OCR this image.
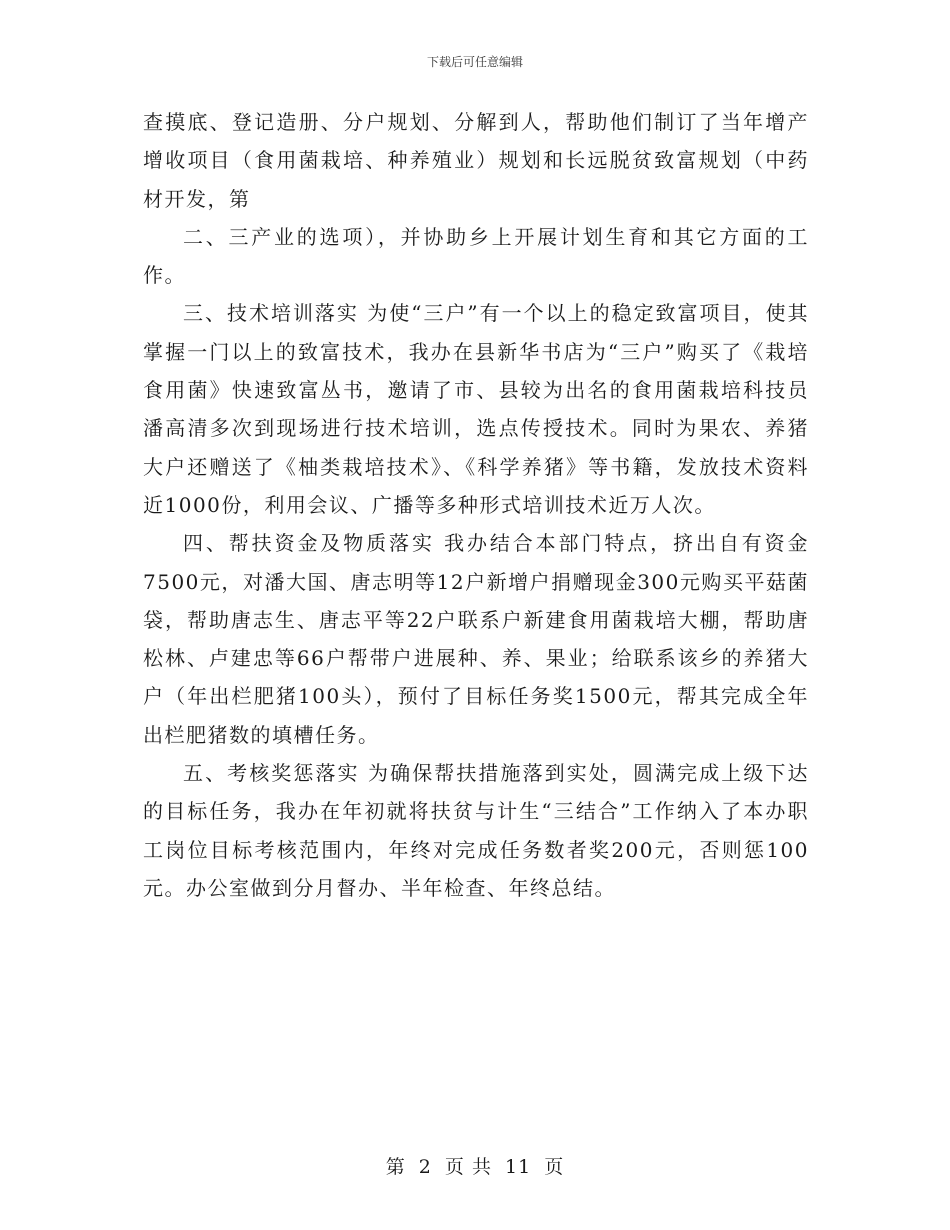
下载后可任意编辑

查摸底、登记造册、分户规划、分解到人，帮助他们制订了当年增产增收项目（食用菌栽培、种养殖业）规划和长远脱贫致富规划（中药材开发，第

二、三产业的选项），并协助乡上开展计划生育和其它方面的工作。

三、技术培训落实 为使“三户”有一个以上的稳定致富项目，使其掌握一门以上的致富技术，我办在县新华书店为“三户”购买了《栽培食用菌》快速致富丛书，邀请了市、县较为出名的食用菌栽培科技员潘高清多次到现场进行技术培训，选点传授技术。同时为果农、养猪大户还赠送了《柚类栽培技术》、《科学养猪》等书籍，发放技术资料近1000份，利用会议、广播等多种形式培训技术近万人次。

四、帮扶资金及物质落实 我办结合本部门特点，挤出自有资金7500元，对潘大国、唐志明等12户新增户捐赠现金300元购买平菇菌袋，帮助唐志生、唐志平等22户联系户新建食用菌栽培大棚，帮助唐松林、卢建忠等66户帮带户进展种、养、果业；给联系该乡的养猪大户（年出栏肥猪100头），预付了目标任务奖1500元，帮其完成全年出栏肥猪数的填槽任务。

五、考核奖惩落实 为确保帮扶措施落到实处，圆满完成上级下达的目标任务，我办在年初就将扶贫与计生“三结合”工作纳入了本办职工岗位目标考核范围内，年终对完成任务数者奖200元，否则惩100元。办公室做到分月督办、半年检查、年终总结。

第 2 页 共 11 页
